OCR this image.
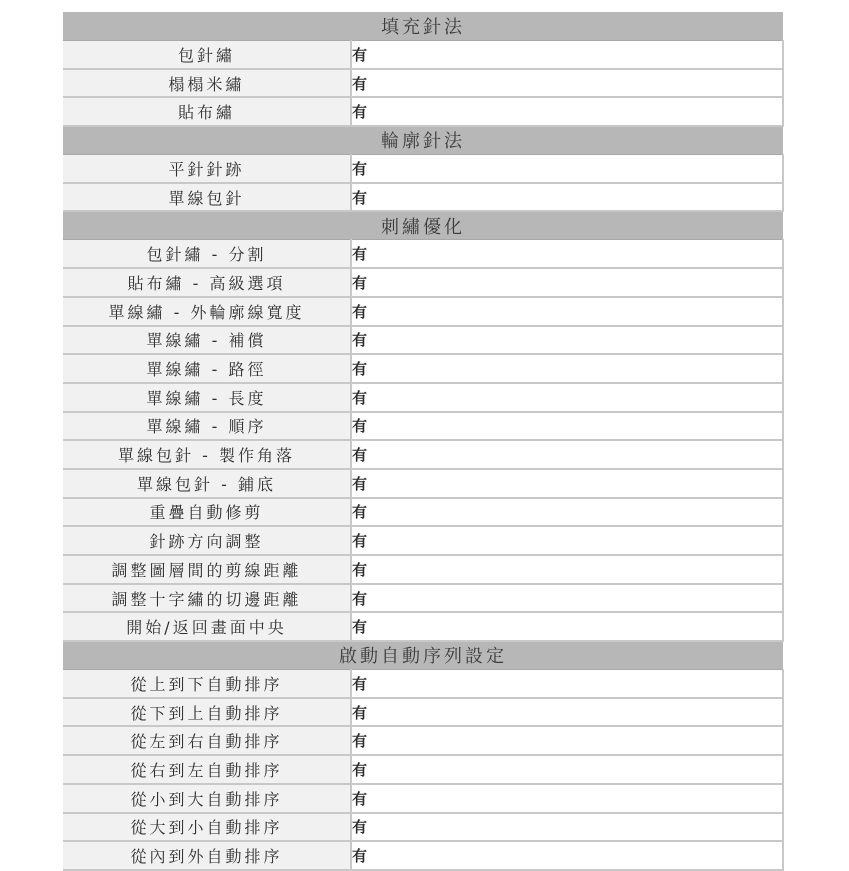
填充針法	
包針繡	有
榻榻米繡	有
貼布繡	有
輪廓針法	
平針針跡	有
單線包針	有
刺繡優化	
包針繡 - 分割	有
貼布繡 - 高級選項	有
單線繡 - 外輪廓線寬度	有
單線繡 - 補償	有
單線繡 - 路徑	有
單線繡 - 長度	有
單線繡 - 順序	有
單線包針 - 製作角落	有
單線包針 - 鋪底	有
重疊自動修剪	有
針跡方向調整	有
調整圖層間的剪線距離	有
調整十字繡的切邊距離	有
開始/返回畫面中央	有
啟動自動序列設定	
從上到下自動排序	有
從下到上自動排序	有
從左到右自動排序	有
從右到左自動排序	有
從小到大自動排序	有
從大到小自動排序	有
從內到外自動排序	有
